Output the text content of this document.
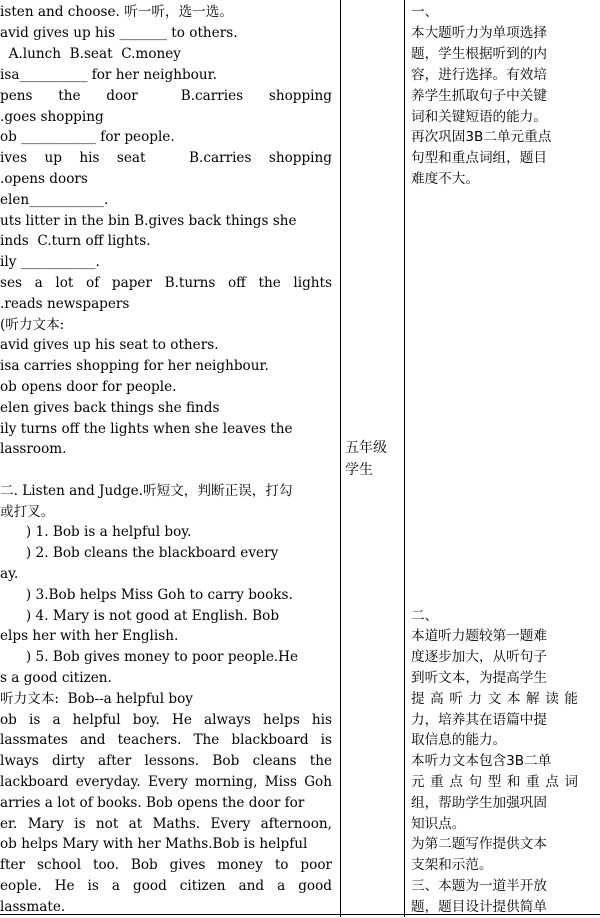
isten and choose. 听一听，选一选。
avid gives up his _______ to others.
A.lunch  B.seat  C.money
isa__________ for her neighbour.
pens   the   door     B.carries   shopping
.goes shopping
ob ___________ for people.
ives  up  his  seat     B.carries  shopping
.opens doors
elen___________.
uts litter in the bin B.gives back things she
inds  C.turn off lights.
ily ___________.
ses a lot of paper B.turns off the lights
.reads newspapers
(听力文本:
avid gives up his seat to others.
isa carries shopping for her neighbour.
ob opens door for people.
elen gives back things she finds
ily turns off the lights when she leaves the
lassroom.
二. Listen and Judge.听短文，判断正误，打勾
或打叉。
) 1. Bob is a helpful boy.
) 2. Bob cleans the blackboard every
ay.
) 3.Bob helps Miss Goh to carry books.
) 4. Mary is not good at English. Bob
elps her with her English.
) 5. Bob gives money to poor people.He
s a good citizen.
听力文本:  Bob--a helpful boy
ob is a helpful boy. He always helps his
lassmates and teachers. The blackboard is
lways dirty after lessons. Bob cleans the
lackboard everyday. Every morning, Miss Goh
arries a lot of books. Bob opens the door for
er. Mary is not at Maths. Every afternoon,
ob helps Mary with her Maths.Bob is helpful
fter school too. Bob gives money to poor
eople.  He  is  a  good  citizen  and  a  good
lassmate.
五年级
学生
一、
本大题听力为单项选择
题，学生根据听到的内
容，进行选择。有效培
养学生抓取句子中关键
词和关键短语的能力。
再次巩固3B二单元重点
句型和重点词组，题目
难度不大。
二、
本道听力题较第一题难
度逐步加大，从听句子
到听文本，为提高学生
提高听力文本解读能
力，培养其在语篇中提
取信息的能力。
本听力文本包含3B二单
元重点句型和重点词
组，帮助学生加强巩固
知识点。
为第二题写作提供文本
支架和示范。
三、本题为一道半开放
题，题目设计提供简单
